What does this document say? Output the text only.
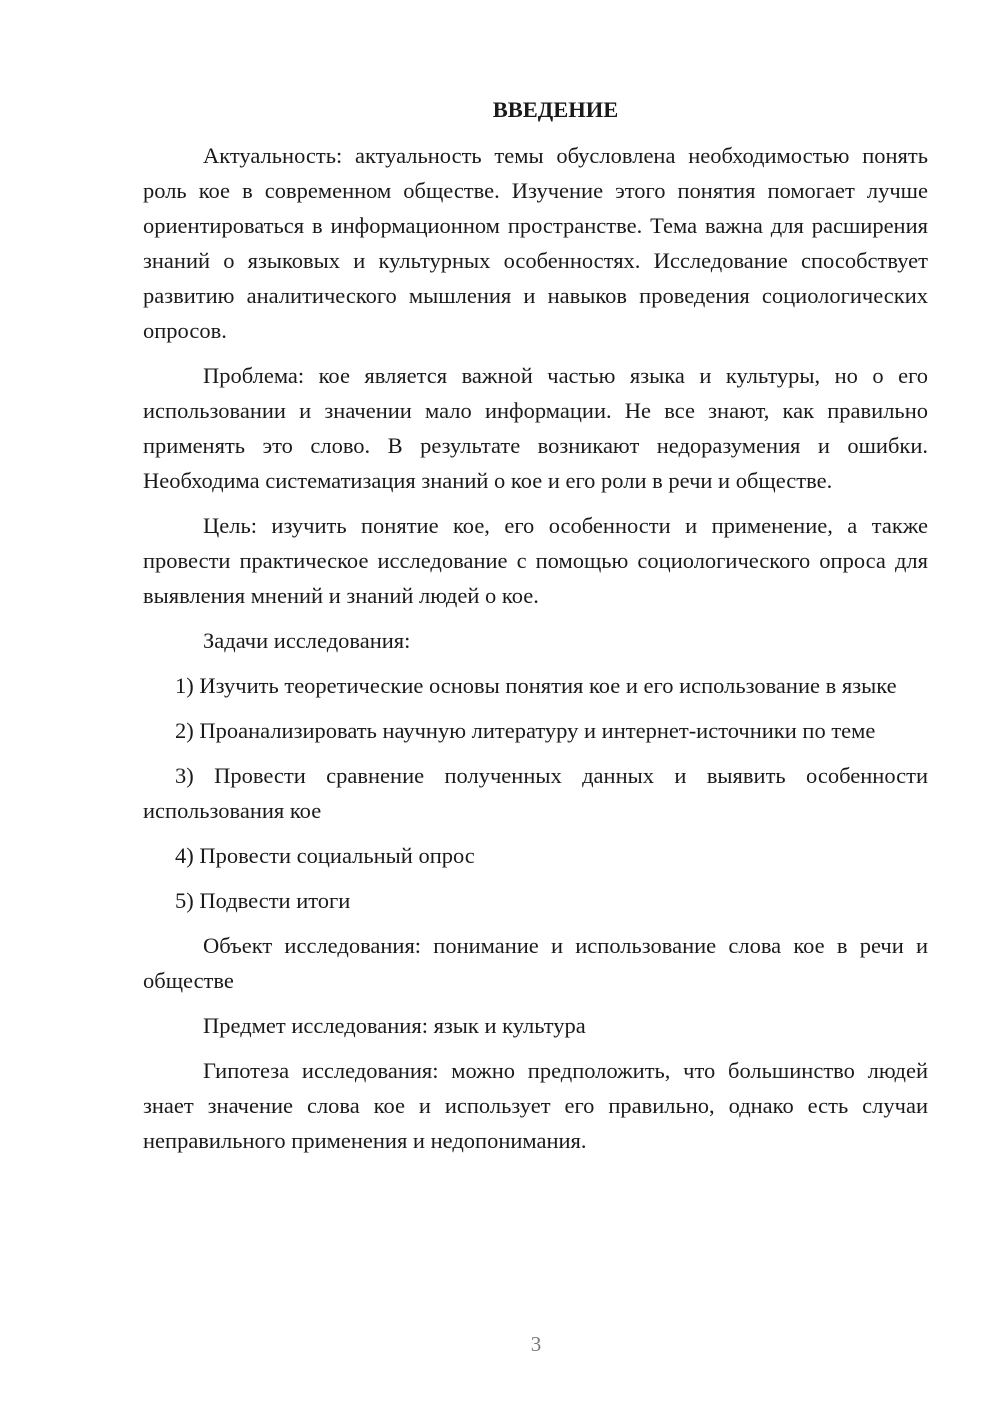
ВВЕДЕНИЕ

Актуальность: актуальность темы обусловлена необходимостью понять роль кое в современном обществе. Изучение этого понятия помогает лучше ориентироваться в информационном пространстве. Тема важна для расширения знаний о языковых и культурных особенностях. Исследование способствует развитию аналитического мышления и навыков проведения социологических опросов.

Проблема: кое является важной частью языка и культуры, но о его использовании и значении мало информации. Не все знают, как правильно применять это слово. В результате возникают недоразумения и ошибки. Необходима систематизация знаний о кое и его роли в речи и обществе.

Цель: изучить понятие кое, его особенности и применение, а также провести практическое исследование с помощью социологического опроса для выявления мнений и знаний людей о кое.

Задачи исследования:

1) Изучить теоретические основы понятия кое и его использование в языке

2) Проанализировать научную литературу и интернет-источники по теме

3) Провести сравнение полученных данных и выявить особенности использования кое

4) Провести социальный опрос

5) Подвести итоги

Объект исследования: понимание и использование слова кое в речи и обществе

Предмет исследования: язык и культура

Гипотеза исследования: можно предположить, что большинство людей знает значение слова кое и использует его правильно, однако есть случаи неправильного применения и недопонимания.

3
